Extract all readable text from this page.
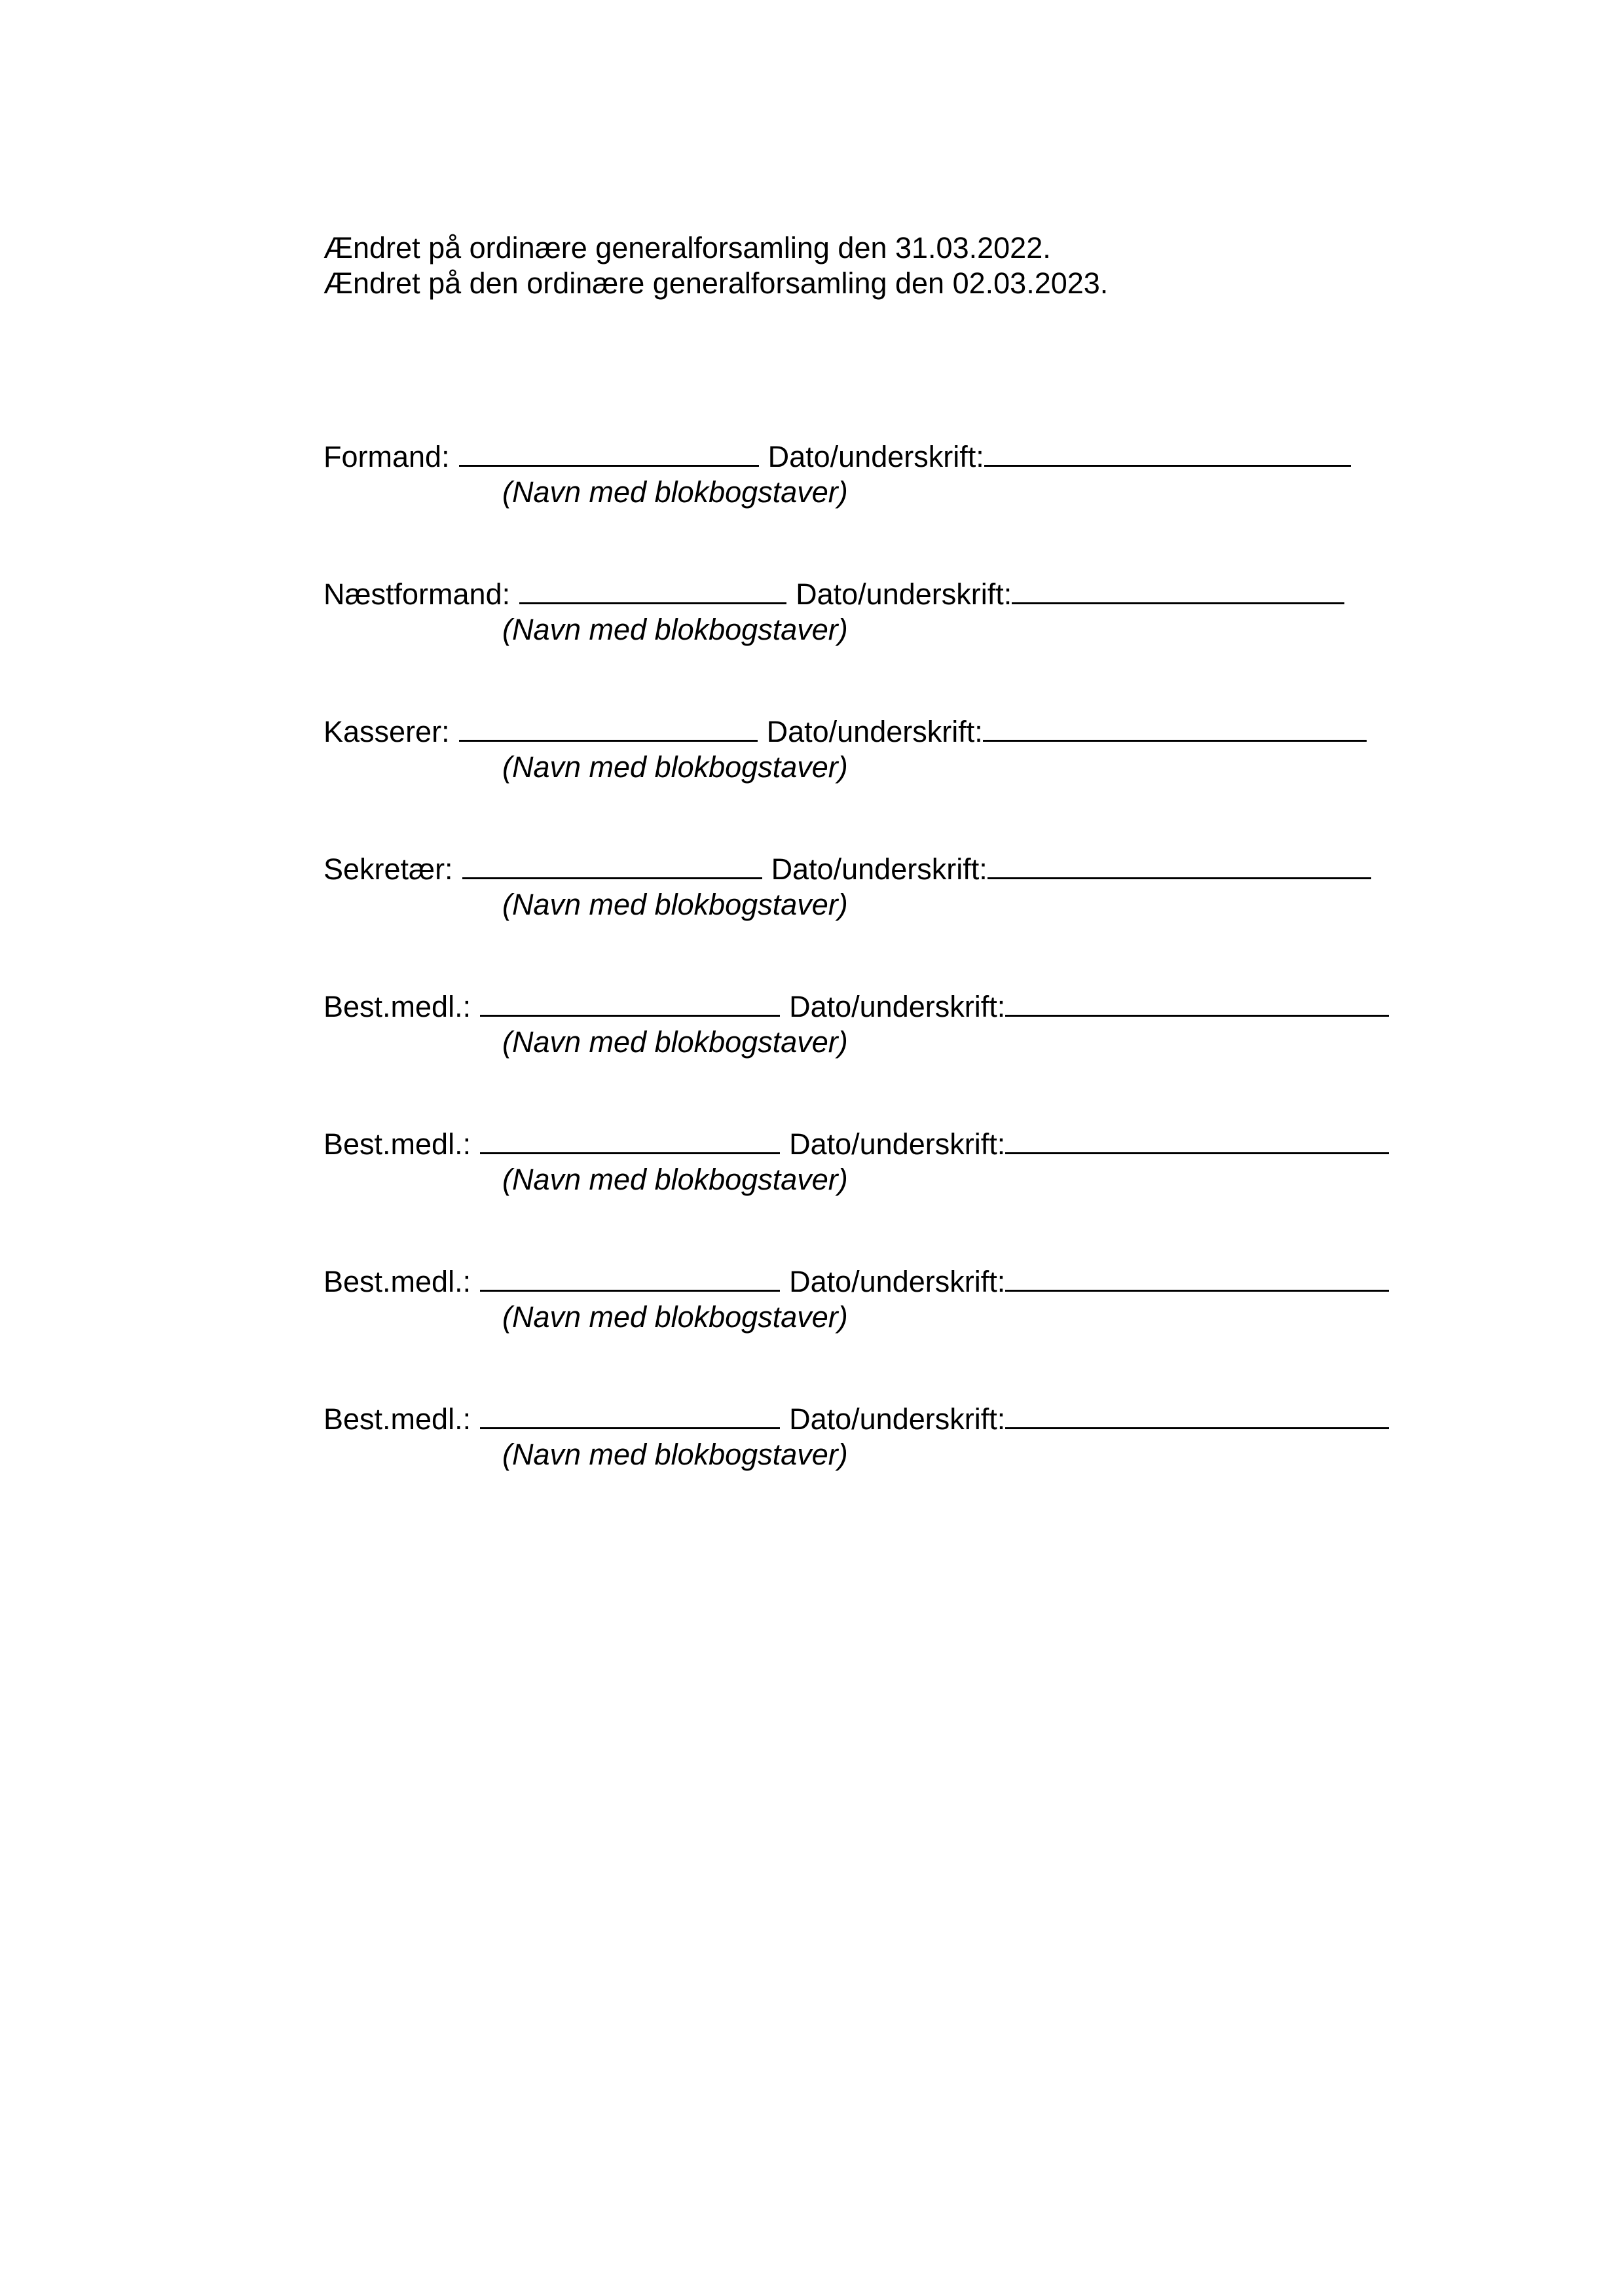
Ændret på ordinære generalforsamling den 31.03.2022.
Ændret på den ordinære generalforsamling den 02.03.2023.
Formand:	Dato/underskrift:
(Navn med blokbogstaver)
Næstformand:	Dato/underskrift:
(Navn med blokbogstaver)
Kasserer:	Dato/underskrift:
(Navn med blokbogstaver)
Sekretær:	Dato/underskrift:
(Navn med blokbogstaver)
Best.medl.:	Dato/underskrift:
(Navn med blokbogstaver)
Best.medl.:	Dato/underskrift:
(Navn med blokbogstaver)
Best.medl.:	Dato/underskrift:
(Navn med blokbogstaver)
Best.medl.:	Dato/underskrift:
(Navn med blokbogstaver)
